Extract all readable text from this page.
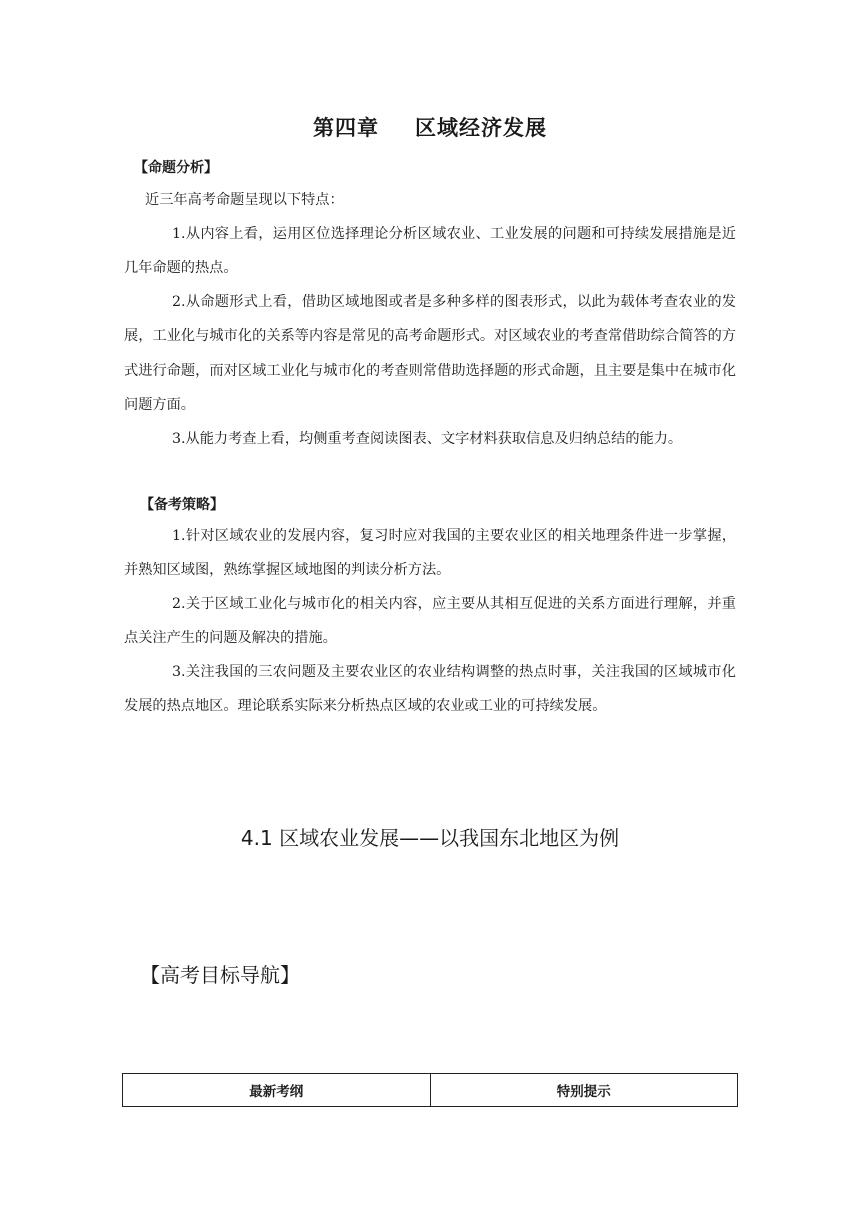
第四章 区域经济发展
【命题分析】
近三年高考命题呈现以下特点：
1.从内容上看，运用区位选择理论分析区域农业、工业发展的问题和可持续发展措施是近几年命题的热点。
2.从命题形式上看，借助区域地图或者是多种多样的图表形式，以此为载体考查农业的发展，工业化与城市化的关系等内容是常见的高考命题形式。对区域农业的考查常借助综合简答的方式进行命题，而对区域工业化与城市化的考查则常借助选择题的形式命题，且主要是集中在城市化问题方面。
3.从能力考查上看，均侧重考查阅读图表、文字材料获取信息及归纳总结的能力。
【备考策略】
1.针对区域农业的发展内容，复习时应对我国的主要农业区的相关地理条件进一步掌握，并熟知区域图，熟练掌握区域地图的判读分析方法。
2.关于区域工业化与城市化的相关内容，应主要从其相互促进的关系方面进行理解，并重点关注产生的问题及解决的措施。
3.关注我国的三农问题及主要农业区的农业结构调整的热点时事，关注我国的区域城市化发展的热点地区。理论联系实际来分析热点区域的农业或工业的可持续发展。
4.1 区域农业发展——以我国东北地区为例
【高考目标导航】
最新考纲	特别提示
